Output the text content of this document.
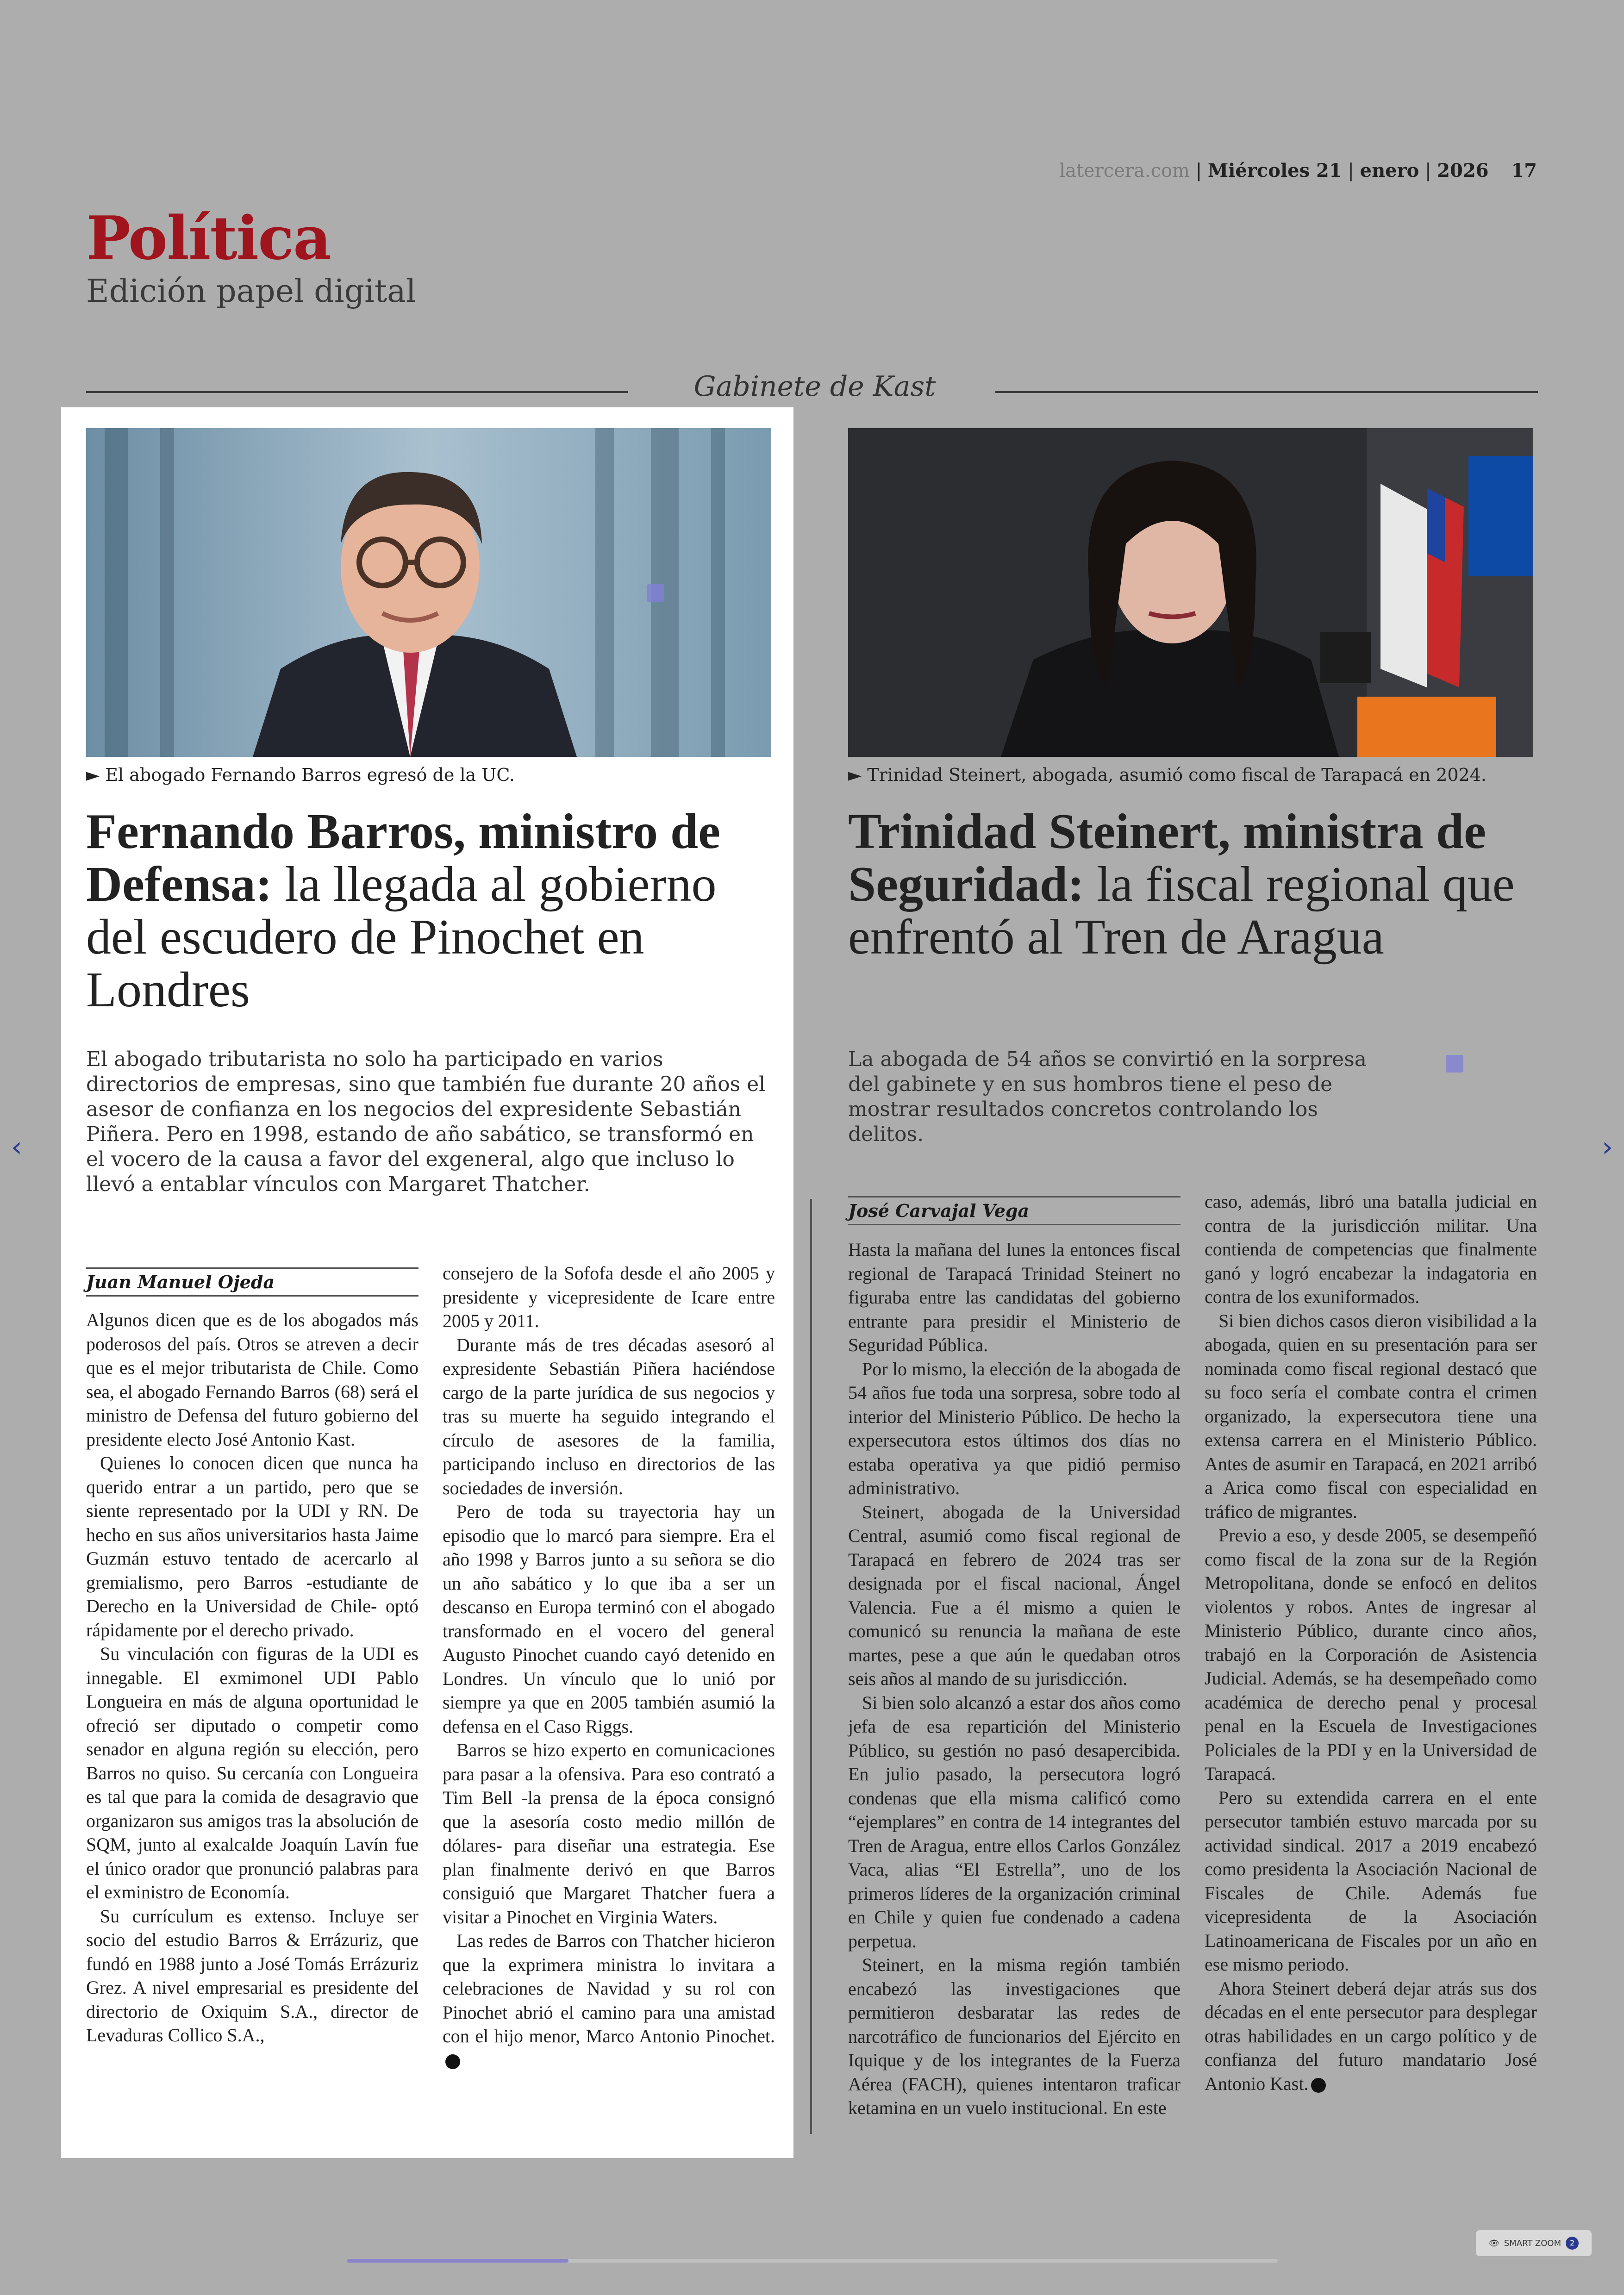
latercera.com | Miércoles 21 | enero | 2026 17
Política
Edición papel digital
Gabinete de Kast
► El abogado Fernando Barros egresó de la UC.
Fernando Barros, ministro de Defensa: la llegada al gobierno del escudero de Pinochet en Londres
El abogado tributarista no solo ha participado en varios directorios de empresas, sino que también fue durante 20 años el asesor de confianza en los negocios del expresidente Sebastián Piñera. Pero en 1998, estando de año sabático, se transformó en el vocero de la causa a favor del exgeneral, algo que incluso lo llevó a entablar vínculos con Margaret Thatcher.
Juan Manuel Ojeda

Algunos dicen que es de los abogados más poderosos del país. Otros se atreven a decir que es el mejor tributarista de Chile. Como sea, el abogado Fernando Barros (68) será el ministro de Defensa del futuro gobierno del presidente electo José Antonio Kast.

Quienes lo conocen dicen que nunca ha querido entrar a un partido, pero que se siente representado por la UDI y RN. De hecho en sus años universitarios hasta Jaime Guzmán estuvo tentado de acercarlo al gremialismo, pero Barros -estudiante de Derecho en la Universidad de Chile- optó rápidamente por el derecho privado.

Su vinculación con figuras de la UDI es innegable. El exmimonel UDI Pablo Longueira en más de alguna oportunidad le ofreció ser diputado o competir como senador en alguna región su elección, pero Barros no quiso. Su cercanía con Longueira es tal que para la comida de desagravio que organizaron sus amigos tras la absolución de SQM, junto al exalcalde Joaquín Lavín fue el único orador que pronunció palabras para el exministro de Economía.

Su currículum es extenso. Incluye ser socio del estudio Barros & Errázuriz, que fundó en 1988 junto a José Tomás Errázuriz Grez. A nivel empresarial es presidente del directorio de Oxiquim S.A., director de Levaduras Collico S.A.,

consejero de la Sofofa desde el año 2005 y presidente y vicepresidente de Icare entre 2005 y 2011.

Durante más de tres décadas asesoró al expresidente Sebastián Piñera haciéndose cargo de la parte jurídica de sus negocios y tras su muerte ha seguido integrando el círculo de asesores de la familia, participando incluso en directorios de las sociedades de inversión.

Pero de toda su trayectoria hay un episodio que lo marcó para siempre. Era el año 1998 y Barros junto a su señora se dio un año sabático y lo que iba a ser un descanso en Europa terminó con el abogado transformado en el vocero del general Augusto Pinochet cuando cayó detenido en Londres. Un vínculo que lo unió por siempre ya que en 2005 también asumió la defensa en el Caso Riggs.

Barros se hizo experto en comunicaciones para pasar a la ofensiva. Para eso contrató a Tim Bell -la prensa de la época consignó que la asesoría costo medio millón de dólares- para diseñar una estrategia. Ese plan finalmente derivó en que Barros consiguió que Margaret Thatcher fuera a visitar a Pinochet en Virginia Waters.

Las redes de Barros con Thatcher hicieron que la exprimera ministra lo invitara a celebraciones de Navidad y su rol con Pinochet abrió el camino para una amistad con el hijo menor, Marco Antonio Pinochet.

► Trinidad Steinert, abogada, asumió como fiscal de Tarapacá en 2024.
Trinidad Steinert, ministra de Seguridad: la fiscal regional que enfrentó al Tren de Aragua
La abogada de 54 años se convirtió en la sorpresa del gabinete y en sus hombros tiene el peso de mostrar resultados concretos controlando los delitos.
José Carvajal Vega

Hasta la mañana del lunes la entonces fiscal regional de Tarapacá Trinidad Steinert no figuraba entre las candidatas del gobierno entrante para presidir el Ministerio de Seguridad Pública.

Por lo mismo, la elección de la abogada de 54 años fue toda una sorpresa, sobre todo al interior del Ministerio Público. De hecho la expersecutora estos últimos dos días no estaba operativa ya que pidió permiso administrativo.

Steinert, abogada de la Universidad Central, asumió como fiscal regional de Tarapacá en febrero de 2024 tras ser designada por el fiscal nacional, Ángel Valencia. Fue a él mismo a quien le comunicó su renuncia la mañana de este martes, pese a que aún le quedaban otros seis años al mando de su jurisdicción.

Si bien solo alcanzó a estar dos años como jefa de esa repartición del Ministerio Público, su gestión no pasó desapercibida. En julio pasado, la persecutora logró condenas que ella misma calificó como “ejemplares” en contra de 14 integrantes del Tren de Aragua, entre ellos Carlos González Vaca, alias “El Estrella”, uno de los primeros líderes de la organización criminal en Chile y quien fue condenado a cadena perpetua.

Steinert, en la misma región también encabezó las investigaciones que permitieron desbaratar las redes de narcotráfico de funcionarios del Ejército en Iquique y de los integrantes de la Fuerza Aérea (FACH), quienes intentaron traficar ketamina en un vuelo institucional. En este

caso, además, libró una batalla judicial en contra de la jurisdicción militar. Una contienda de competencias que finalmente ganó y logró encabezar la indagatoria en contra de los exuniformados.

Si bien dichos casos dieron visibilidad a la abogada, quien en su presentación para ser nominada como fiscal regional destacó que su foco sería el combate contra el crimen organizado, la expersecutora tiene una extensa carrera en el Ministerio Público. Antes de asumir en Tarapacá, en 2021 arribó a Arica como fiscal con especialidad en tráfico de migrantes.

Previo a eso, y desde 2005, se desempeñó como fiscal de la zona sur de la Región Metropolitana, donde se enfocó en delitos violentos y robos. Antes de ingresar al Ministerio Público, durante cinco años, trabajó en la Corporación de Asistencia Judicial. Además, se ha desempeñado como académica de derecho penal y procesal penal en la Escuela de Investigaciones Policiales de la PDI y en la Universidad de Tarapacá.

Pero su extendida carrera en el ente persecutor también estuvo marcada por su actividad sindical. 2017 a 2019 encabezó como presidenta la Asociación Nacional de Fiscales de Chile. Además fue vicepresidenta de la Asociación Latinoamericana de Fiscales por un año en ese mismo periodo.

Ahora Steinert deberá dejar atrás sus dos décadas en el ente persecutor para desplegar otras habilidades en un cargo político y de confianza del futuro mandatario José Antonio Kast.

‹	›
👁 SMART ZOOM	2
